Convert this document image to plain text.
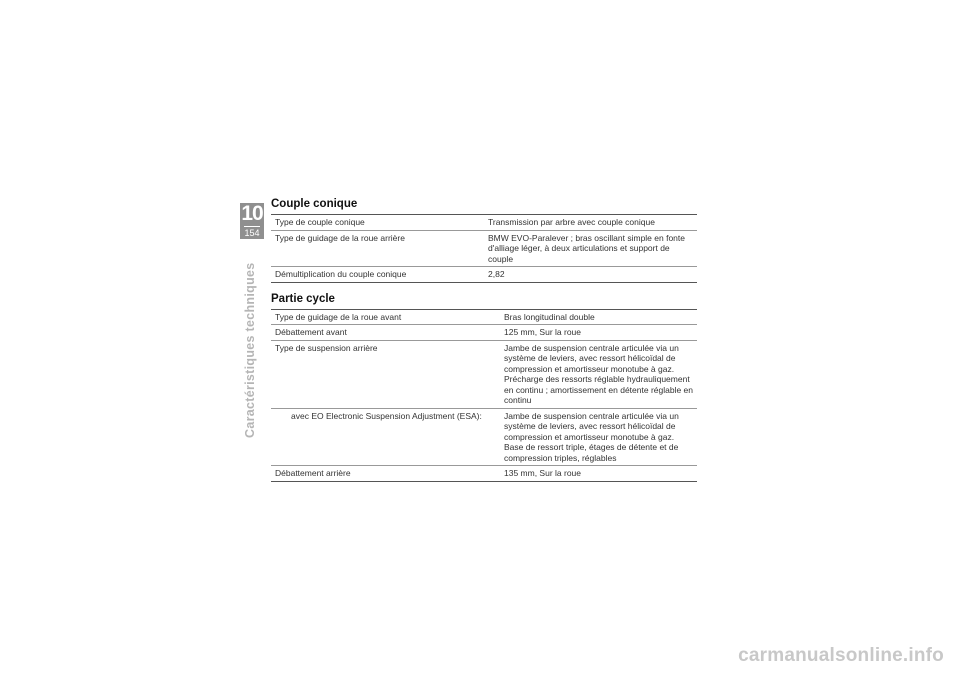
10
154
Caractéristiques techniques
Couple conique
Type de couple conique	Transmission par arbre avec couple conique
Type de guidage de la roue arrière	BMW EVO-Paralever ; bras oscillant simple en fonte d'alliage léger, à deux articulations et support de couple
Démultiplication du couple conique	2,82
Partie cycle
Type de guidage de la roue avant	Bras longitudinal double
Débattement avant	125 mm, Sur la roue
Type de suspension arrière	Jambe de suspension centrale articulée via un système de leviers, avec ressort hélicoïdal de compression et amortisseur monotube à gaz. Précharge des ressorts réglable hydrauliquement en continu ; amortissement en détente réglable en continu
avec EO Electronic Suspension Adjustment (ESA):	Jambe de suspension centrale articulée via un système de leviers, avec ressort hélicoïdal de compression et amortisseur monotube à gaz. Base de ressort triple, étages de détente et de compression triples, réglables
Débattement arrière	135 mm, Sur la roue
carmanualsonline.info
